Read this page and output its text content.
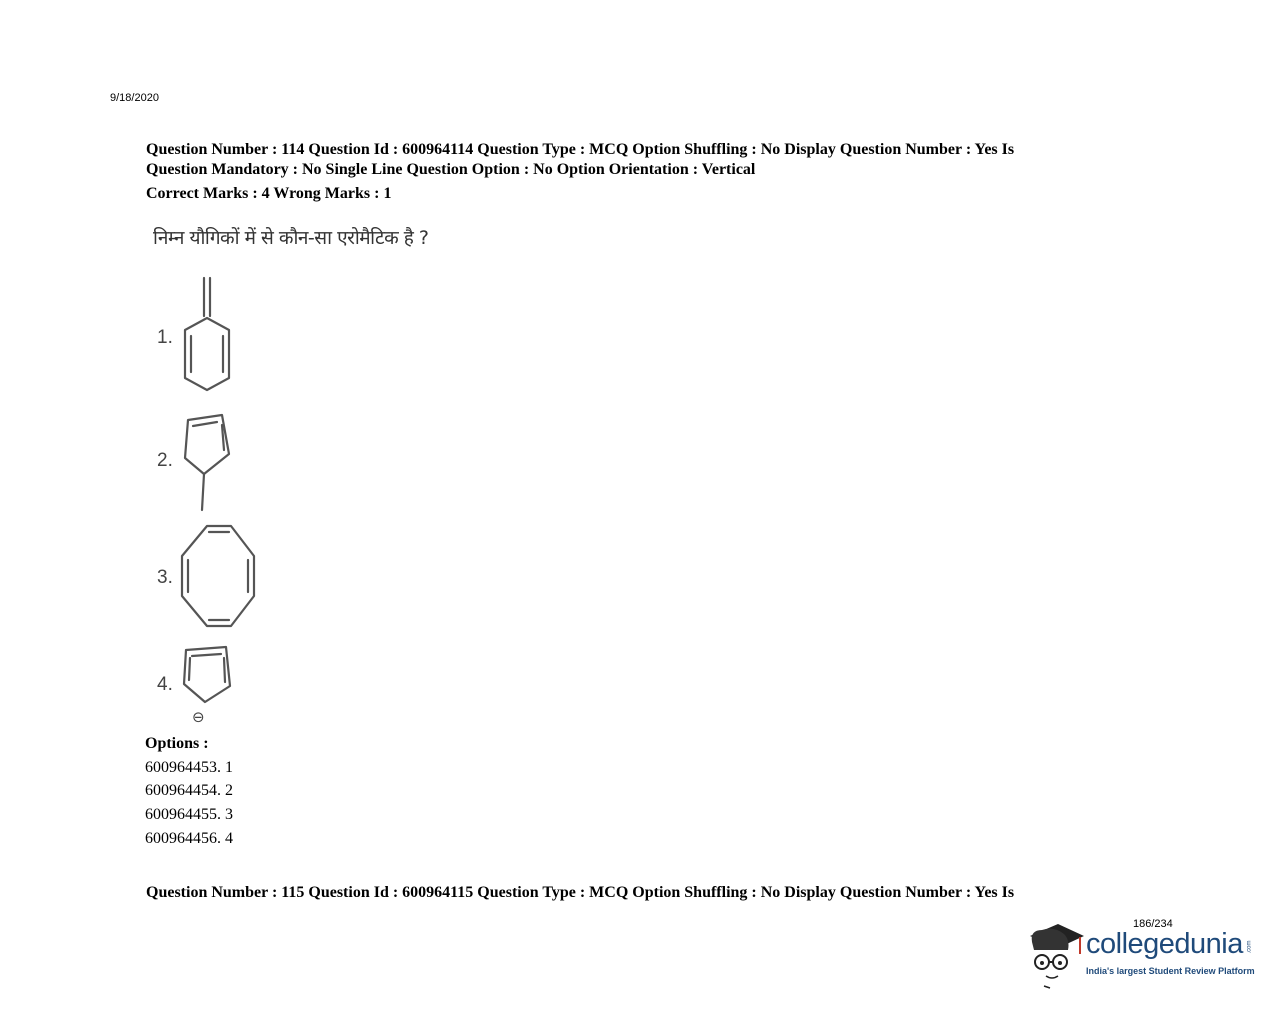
9/18/2020
Question Number : 114 Question Id : 600964114 Question Type : MCQ Option Shuffling : No Display Question Number : Yes Is
Question Mandatory : No Single Line Question Option : No Option Orientation : Vertical
Correct Marks : 4 Wrong Marks : 1
निम्न यौगिकों में से कौन-सा एरोमैटिक है ?
1.
2.
3.
4.
⊖
Options :
600964453. 1
600964454. 2
600964455. 3
600964456. 4
Question Number : 115 Question Id : 600964115 Question Type : MCQ Option Shuffling : No Display Question Number : Yes Is
186/234
collegedunia .com
India's largest Student Review Platform
